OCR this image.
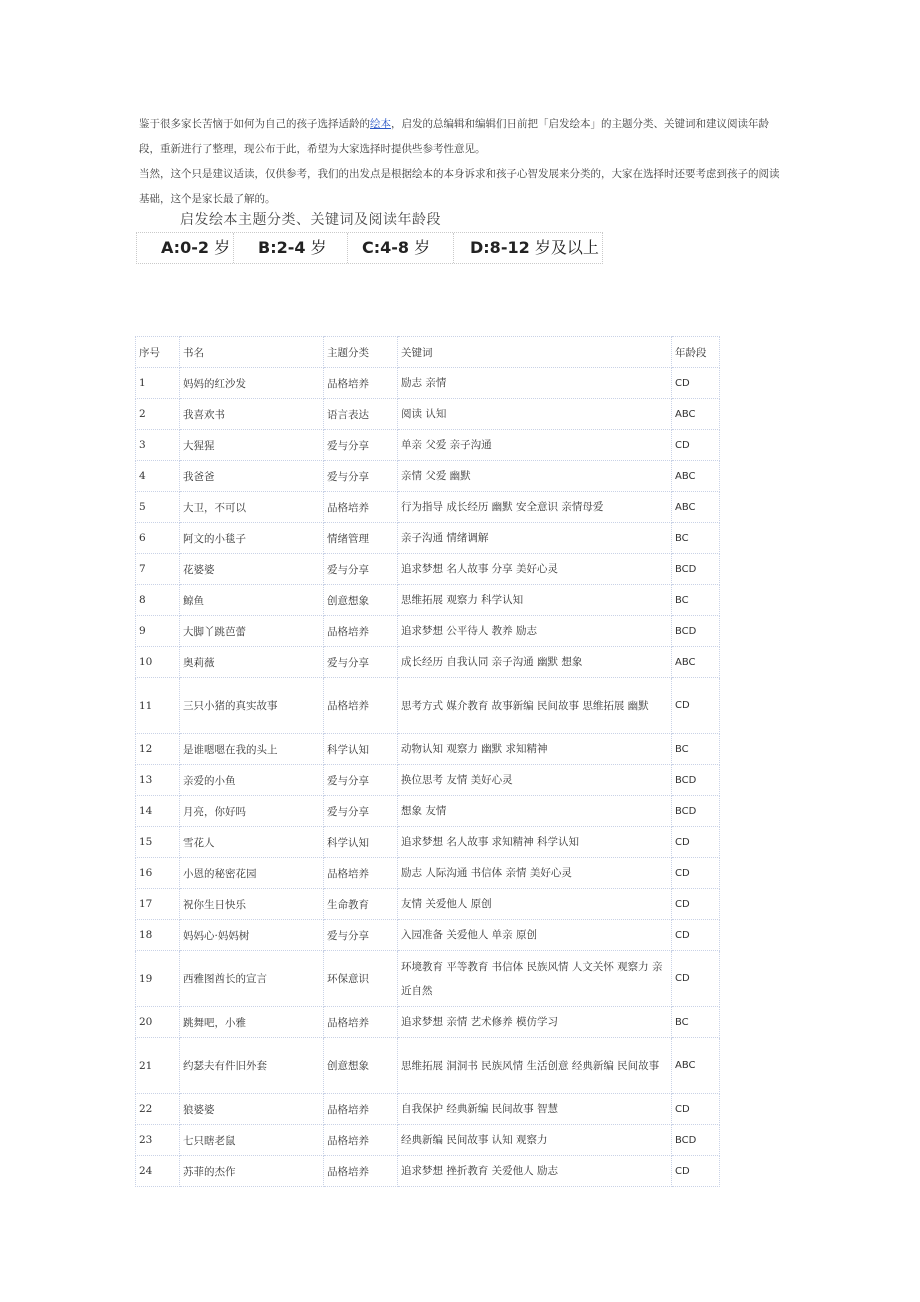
鉴于很多家长苦恼于如何为自己的孩子选择适龄的绘本，启发的总编辑和编辑们日前把「启发绘本」的主题分类、关键词和建议阅读年龄段，重新进行了整理，现公布于此，希望为大家选择时提供些参考性意见。

当然，这个只是建议适读，仅供参考，我们的出发点是根据绘本的本身诉求和孩子心智发展来分类的，大家在选择时还要考虑到孩子的阅读基础，这个是家长最了解的。

启发绘本主题分类、关键词及阅读年龄段
A:0-2 岁	B:2-4 岁	C:4-8 岁	D:8-12 岁及以上
序号	书名	主题分类	关键词	年龄段
1	妈妈的红沙发	品格培养	励志 亲情	CD
2	我喜欢书	语言表达	阅读 认知	ABC
3	大猩猩	爱与分享	单亲 父爱 亲子沟通	CD
4	我爸爸	爱与分享	亲情 父爱 幽默	ABC
5	大卫，不可以	品格培养	行为指导 成长经历 幽默 安全意识 亲情母爱	ABC
6	阿文的小毯子	情绪管理	亲子沟通 情绪调解	BC
7	花婆婆	爱与分享	追求梦想 名人故事 分享 美好心灵	BCD
8	鲸鱼	创意想象	思维拓展 观察力 科学认知	BC
9	大脚丫跳芭蕾	品格培养	追求梦想 公平待人 教养 励志	BCD
10	奥莉薇	爱与分享	成长经历 自我认同 亲子沟通 幽默 想象	ABC
11	三只小猪的真实故事	品格培养	思考方式 媒介教育 故事新编 民间故事 思维拓展 幽默	CD
12	是谁嗯嗯在我的头上	科学认知	动物认知 观察力 幽默 求知精神	BC
13	亲爱的小鱼	爱与分享	换位思考 友情 美好心灵	BCD
14	月亮，你好吗	爱与分享	想象 友情	BCD
15	雪花人	科学认知	追求梦想 名人故事 求知精神 科学认知	CD
16	小恩的秘密花园	品格培养	励志 人际沟通 书信体 亲情 美好心灵	CD
17	祝你生日快乐	生命教育	友情 关爱他人 原创	CD
18	妈妈心·妈妈树	爱与分享	入园准备 关爱他人 单亲 原创	CD
19	西雅图酋长的宣言	环保意识	环境教育 平等教育 书信体 民族风情 人文关怀 观察力 亲近自然	CD
20	跳舞吧，小雅	品格培养	追求梦想 亲情 艺术修养 模仿学习	BC
21	约瑟夫有件旧外套	创意想象	思维拓展 洞洞书 民族风情 生活创意 经典新编 民间故事	ABC
22	狼婆婆	品格培养	自我保护 经典新编 民间故事 智慧	CD
23	七只瞎老鼠	品格培养	经典新编 民间故事 认知 观察力	BCD
24	苏菲的杰作	品格培养	追求梦想 挫折教育 关爱他人 励志	CD
